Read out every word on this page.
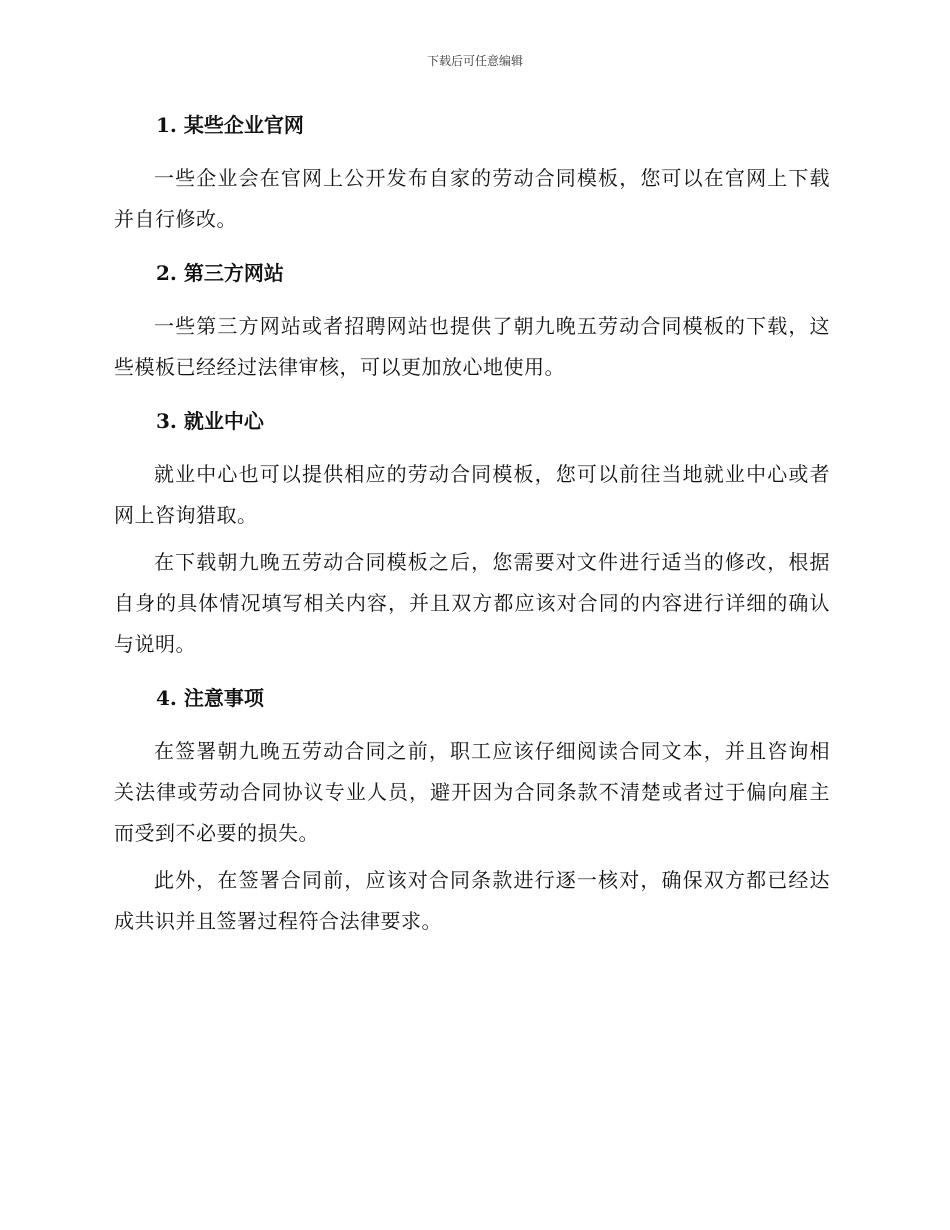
下载后可任意编辑
1. 某些企业官网

一些企业会在官网上公开发布自家的劳动合同模板，您可以在官网上下载并自行修改。

2. 第三方网站

一些第三方网站或者招聘网站也提供了朝九晚五劳动合同模板的下载，这些模板已经经过法律审核，可以更加放心地使用。

3. 就业中心

就业中心也可以提供相应的劳动合同模板，您可以前往当地就业中心或者网上咨询猎取。

在下载朝九晚五劳动合同模板之后，您需要对文件进行适当的修改，根据自身的具体情况填写相关内容，并且双方都应该对合同的内容进行详细的确认与说明。

4. 注意事项

在签署朝九晚五劳动合同之前，职工应该仔细阅读合同文本，并且咨询相关法律或劳动合同协议专业人员，避开因为合同条款不清楚或者过于偏向雇主而受到不必要的损失。

此外，在签署合同前，应该对合同条款进行逐一核对，确保双方都已经达成共识并且签署过程符合法律要求。
